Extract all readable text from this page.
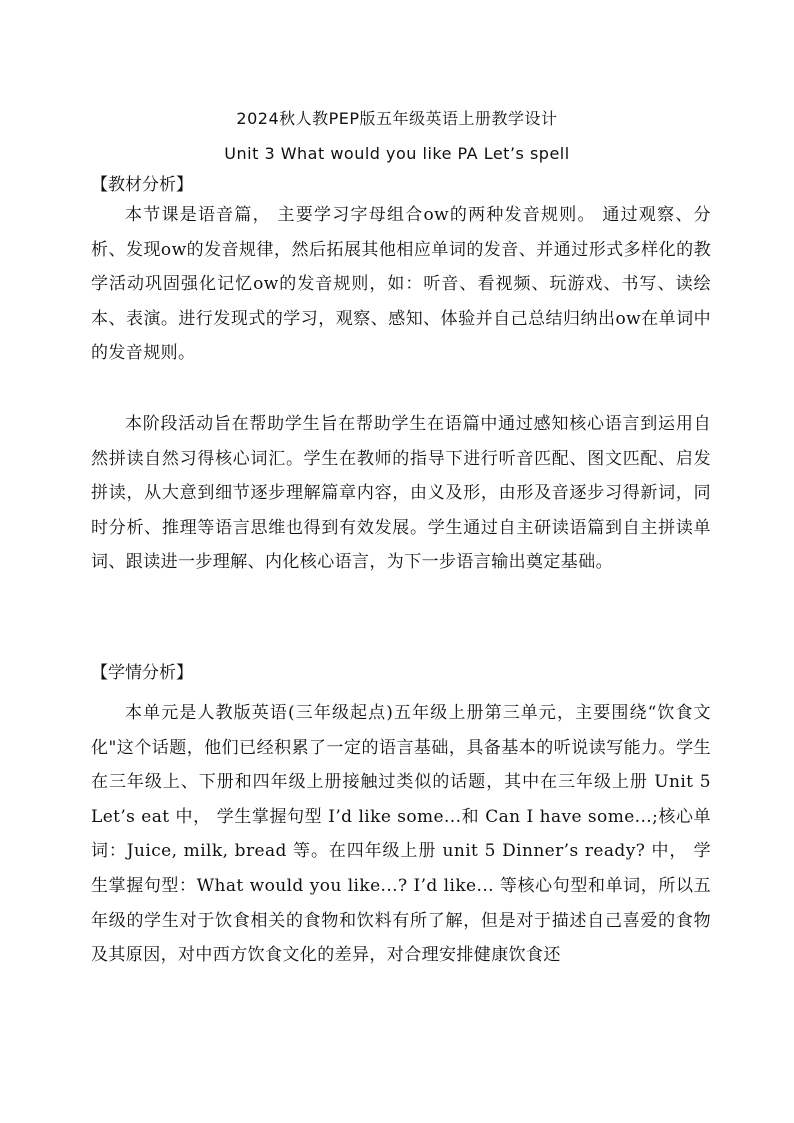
2024秋人教PEP版五年级英语上册教学设计
Unit 3 What would you like PA Let’s spell
【教材分析】
本节课是语音篇， 主要学习字母组合ow的两种发音规则。 通过观察、分析、发现ow的发音规律，然后拓展其他相应单词的发音、并通过形式多样化的教学活动巩固强化记忆ow的发音规则，如：听音、看视频、玩游戏、书写、读绘本、表演。进行发现式的学习，观察、感知、体验并自己总结归纳出ow在单词中的发音规则。
本阶段活动旨在帮助学生旨在帮助学生在语篇中通过感知核心语言到运用自然拼读自然习得核心词汇。学生在教师的指导下进行听音匹配、图文匹配、启发拼读，从大意到细节逐步理解篇章内容，由义及形，由形及音逐步习得新词，同时分析、推理等语言思维也得到有效发展。学生通过自主研读语篇到自主拼读单词、跟读进一步理解、内化核心语言，为下一步语言输出奠定基础。
【学情分析】
本单元是人教版英语(三年级起点)五年级上册第三单元，主要围绕“饮食文化"这个话题，他们已经积累了一定的语言基础，具备基本的听说读写能力。学生在三年级上、下册和四年级上册接触过类似的话题，其中在三年级上册 Unit 5 Let’s eat 中， 学生掌握句型 I’d like some...和 Can I have some...;核心单词：Juice, milk, bread 等。在四年级上册 unit 5 Dinner’s ready? 中， 学生掌握句型：What would you like...? I’d like... 等核心句型和单词，所以五年级的学生对于饮食相关的食物和饮料有所了解，但是对于描述自己喜爱的食物及其原因，对中西方饮食文化的差异，对合理安排健康饮食还
